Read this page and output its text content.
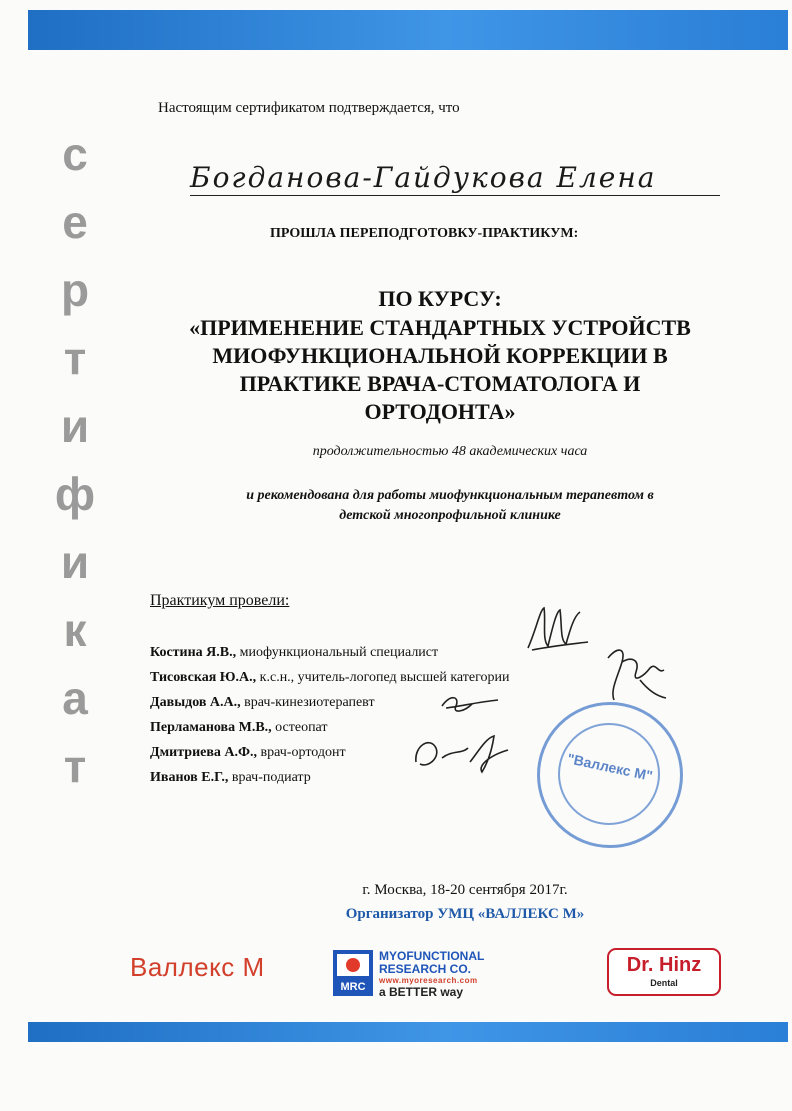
с
е
р
т
и
ф
и
к
а
т
Настоящим сертификатом подтверждается, что
Богданова-Гайдукова Елена
ПРОШЛА ПЕРЕПОДГОТОВКУ-ПРАКТИКУМ:
ПО КУРСУ:
«ПРИМЕНЕНИЕ СТАНДАРТНЫХ УСТРОЙСТВ
МИОФУНКЦИОНАЛЬНОЙ КОРРЕКЦИИ В
ПРАКТИКЕ ВРАЧА-СТОМАТОЛОГА И
ОРТОДОНТА»
продолжительностью 48 академических часа
и рекомендована для работы миофункциональным терапевтом в
детской многопрофильной клинике
Практикум провели:
Костина Я.В., миофункциональный специалист
Тисовская Ю.А., к.с.н., учитель-логопед высшей категории
Давыдов А.А., врач-кинезиотерапевт
Перламанова М.В., остеопат
Дмитриева А.Ф., врач-ортодонт
Иванов Е.Г., врач-подиатр	"Валлекс М"
г. Москва, 18-20 сентября 2017г.
Организатор УМЦ «ВАЛЛЕКС М»
Валлекс М
MRC
MYOFUNCTIONAL
RESEARCH CO.
www.myoresearch.com
a BETTER way
Dr. Hinz
Dental
